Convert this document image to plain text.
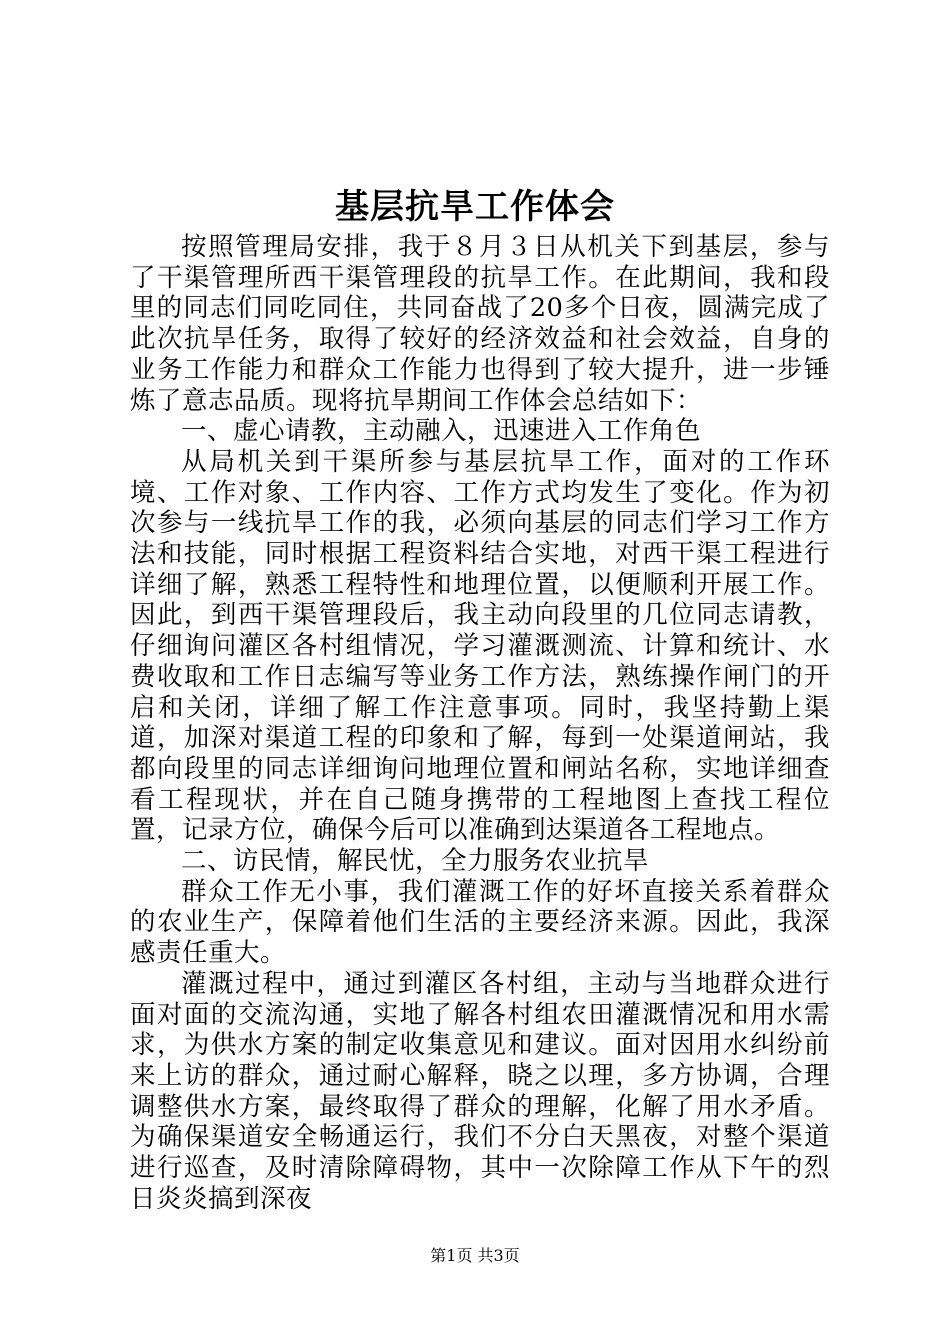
基层抗旱工作体会

按照管理局安排，我于８月３日从机关下到基层，参与了干渠管理所西干渠管理段的抗旱工作。在此期间，我和段里的同志们同吃同住，共同奋战了20多个日夜，圆满完成了此次抗旱任务，取得了较好的经济效益和社会效益，自身的业务工作能力和群众工作能力也得到了较大提升，进一步锤炼了意志品质。现将抗旱期间工作体会总结如下：

一、虚心请教，主动融入，迅速进入工作角色

从局机关到干渠所参与基层抗旱工作，面对的工作环境、工作对象、工作内容、工作方式均发生了变化。作为初次参与一线抗旱工作的我，必须向基层的同志们学习工作方法和技能，同时根据工程资料结合实地，对西干渠工程进行详细了解，熟悉工程特性和地理位置，以便顺利开展工作。因此，到西干渠管理段后，我主动向段里的几位同志请教，仔细询问灌区各村组情况，学习灌溉测流、计算和统计、水费收取和工作日志编写等业务工作方法，熟练操作闸门的开启和关闭，详细了解工作注意事项。同时，我坚持勤上渠道，加深对渠道工程的印象和了解，每到一处渠道闸站，我都向段里的同志详细询问地理位置和闸站名称，实地详细查看工程现状，并在自己随身携带的工程地图上查找工程位置，记录方位，确保今后可以准确到达渠道各工程地点。

二、访民情，解民忧，全力服务农业抗旱

群众工作无小事，我们灌溉工作的好坏直接关系着群众的农业生产，保障着他们生活的主要经济来源。因此，我深感责任重大。

灌溉过程中，通过到灌区各村组，主动与当地群众进行面对面的交流沟通，实地了解各村组农田灌溉情况和用水需求，为供水方案的制定收集意见和建议。面对因用水纠纷前来上访的群众，通过耐心解释，晓之以理，多方协调，合理调整供水方案，最终取得了群众的理解，化解了用水矛盾。为确保渠道安全畅通运行，我们不分白天黑夜，对整个渠道进行巡查，及时清除障碍物，其中一次除障工作从下午的烈日炎炎搞到深夜

第1页 共3页
